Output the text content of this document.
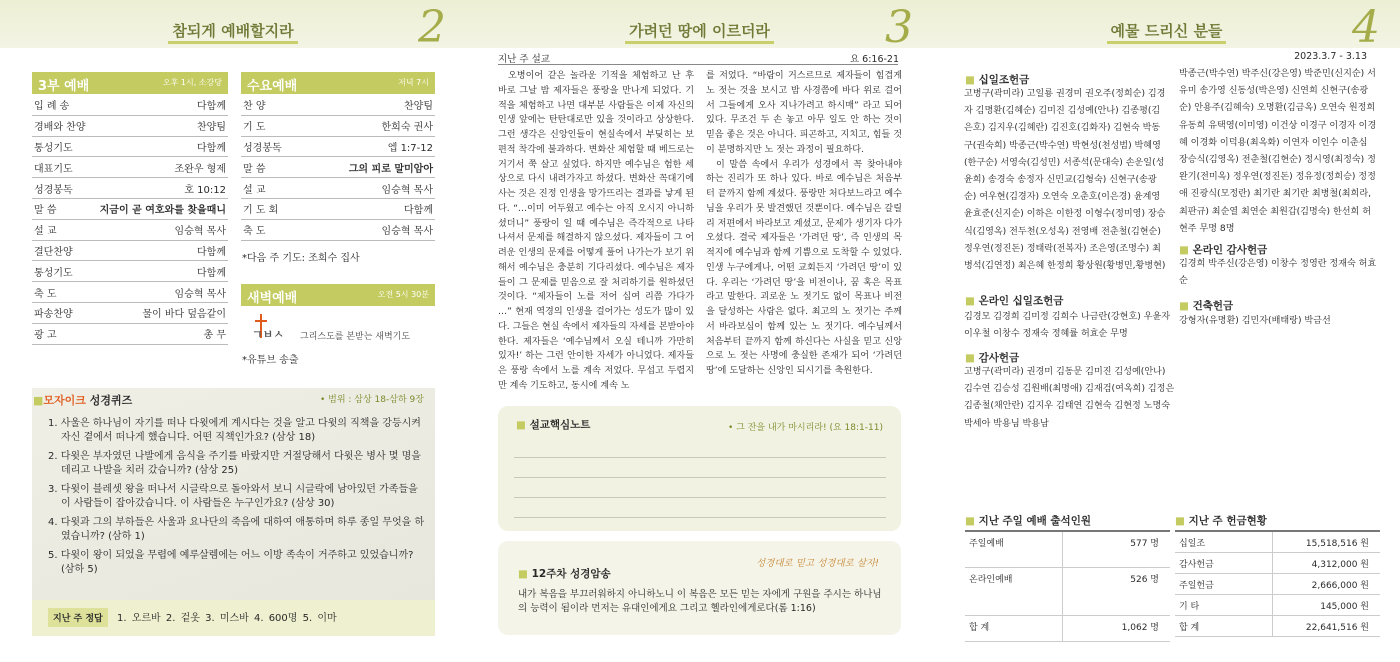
참되게 예배할지라	2
3부 예배	오후 1시, 소강당
입 례 송	다함께
경배와 찬양	찬양팀
통성기도	다함께
대표기도	조완우 형제
성경봉독	호 10:12
말 씀	지금이 곧 여호와를 찾을때니
설 교	임승혁 목사
결단찬양	다함께
통성기도	다함께
축 도	임승혁 목사
파송찬양	물이 바다 덮음같이
광 고	총 무
수요예배	저녁 7시
찬 양	찬양팀
기 도	한희숙 권사
성경봉독	엡 1:7-12
말 씀	그의 피로 말미암아
설 교	임승혁 목사
기 도 회	다함께
축 도	임승혁 목사
*다음 주 기도: 조희수 집사
새벽예배	오전 5시 30분
ㄱㅂㅅ 그리스도를 본받는 새벽기도
*유튜브 송출
■모자이크 성경퀴즈	• 범위 : 삼상 18-삼하 9장
1. 사울은 하나님이 자기를 떠나 다윗에게 계시다는 것을 알고 다윗의 직책을 강등시켜 자신 곁에서 떠나게 했습니다. 어떤 직책인가요? (삼상 18)
2. 다윗은 부자였던 나발에게 음식을 주기를 바랐지만 거절당해서 다윗은 병사 몇 명을 데리고 나발을 치러 갔습니까? (삼상 25)
3. 다윗이 블레셋 왕을 떠나서 시글락으로 돌아와서 보니 시글락에 남아있던 가족들을 이 사람들이 잡아갔습니다. 이 사람들은 누구인가요? (삼상 30)
4. 다윗과 그의 부하들은 사울과 요나단의 죽음에 대하여 애통하며 하루 종일 무엇을 하였습니까? (삼하 1)
5. 다윗이 왕이 되었을 무렵에 예루살렘에는 어느 이방 족속이 거주하고 있었습니까? (삼하 5)
지난 주 정답	1. 오르바 2. 겉옷 3. 미스바 4. 600명 5. 이마
가려던 땅에 이르더라	3
지난 주 설교	요 6:16-21
오병이어 같은 놀라운 기적을 체험하고 난 후 바로 그날 밤 제자들은 풍랑을 만나게 되었다. 기적을 체험하고 나면 대부분 사람들은 이제 자신의 인생 앞에는 탄탄대로만 있을 것이라고 상상한다. 그런 생각은 신앙인들이 현실속에서 부딪히는 보편적 착각에 불과하다. 변화산 체험할 때 베드로는 거기서 쭉 살고 싶었다. 하지만 예수님은 험한 세상으로 다시 내려가자고 하셨다. 변화산 꼭대기에 사는 것은 진정 인생을 망가뜨리는 결과를 낳게 된다. “…이미 어두웠고 예수는 아직 오시지 아니하셨더니” 풍랑이 일 때 예수님은 즉각적으로 나타나셔서 문제를 해결하지 않으셨다. 제자들이 그 어려운 인생의 문제를 어떻게 풀어 나가는가 보기 위해서 예수님은 충분히 기다리셨다. 예수님은 제자들이 그 문제를 믿음으로 잘 처리하기를 원하셨던 것이다. “제자들이 노를 저어 십여 리쯤 가다가 …” 현재 역경의 인생을 걸어가는 성도가 많이 있다. 그들은 현실 속에서 제자들의 자세를 본받아야 한다. 제자들은 ‘예수님께서 오실 테니까 가만히 있자!’ 하는 그런 안이한 자세가 아니었다. 제자들은 풍랑 속에서 노를 계속 저었다. 무섭고 두렵지만 계속 기도하고, 동시에 계속 노

를 저었다. “바람이 거스르므로 제자들이 힘겹게 노 젓는 것을 보시고 밤 사경쯤에 바다 위로 걸어서 그들에게 오사 지나가려고 하시매” 라고 되어 있다. 무조건 두 손 놓고 아무 일도 안 하는 것이 믿음 좋은 것은 아니다. 피곤하고, 지치고, 힘들 것이 분명하지만 노 젓는 과정이 필요하다.

이 말씀 속에서 우리가 성경에서 꼭 찾아내야 하는 진리가 또 하나 있다. 바로 예수님은 처음부터 끝까지 함께 계셨다. 풍랑만 처다보느라고 예수님을 우리가 못 발견했던 것뿐이다. 예수님은 갈릴리 저편에서 바라보고 계셨고, 문제가 생기자 다가오셨다. 결국 제자들은 ‘가려던 땅’, 즉 인생의 목적지에 예수님과 함께 기쁨으로 도착할 수 있었다. 인생 누구에게나, 어떤 교회든지 ‘가려던 땅’이 있다. 우리는 ‘가려던 땅’을 비전이나, 꿈 혹은 목표라고 말한다. 괴로운 노 젓기도 없이 목표나 비전을 달성하는 사람은 없다. 최고의 노 젓기는 주께서 바라보심이 함께 있는 노 젓기다. 예수님께서 처음부터 끝까지 함께 하신다는 사실을 믿고 신앙으로 노 젓는 사명에 충실한 존재가 되어 ‘가려던 땅’에 도달하는 신앙인 되시기를 축원한다.

■ 설교핵심노트	• 그 잔을 내가 마시리라! (요 18:1-11)
성경대로 믿고 성경대로 살자!
■ 12주차 성경암송
내가 복음을 부끄러워하지 아니하노니 이 복음은 모든 믿는 자에게 구원을 주시는 하나님의 능력이 됨이라 먼저는 유대인에게요 그리고 헬라인에게로다(롬 1:16)
예물 드리신 분들	4
2023.3.7 - 3.13
■ 십일조헌금
고병구(곽미라) 고일룡 권경미 권오주(정희순) 김경자 김명환(김혜순) 김미진 김성예(안나) 김종평(김은호) 김지우(김혜란) 김진호(김화자) 김현숙 박동구(권숙희) 박종근(박수연) 박현성(천성범) 박혜영(한구순) 서영숙(김성민) 서종석(문대숙) 손운일(성윤희) 송경숙 송정자 신민교(김형숙) 신현구(송광순) 여우현(김경자) 오연숙 오춘호(이은경) 윤계영 윤효준(신지순) 이하은 이한정 이형수(정미영) 장승식(김영옥) 전두천(오성옥) 전영배 전춘철(김현순) 정우연(정진돈) 정태락(전복자) 조은영(조명수) 최병석(김연정) 최은혜 한정희 황상원(황병민,황병현)
박종근(박수연) 박주신(강은영) 박준민(신지순) 서유미 송가영 신동성(박은영) 신연희 신현구(송광순) 안용주(김혜숙) 오명환(김금옥) 오연숙 원정희 유동희 유택영(이미영) 이건상 이경구 이경자 이경혜 이경화 이덕용(최옥화) 이연자 이인수 이춘심 장승식(김영옥) 전춘철(김현순) 정시영(최정숙) 정완기(전미옥) 정우연(정진돈) 정유정(정희승) 정정애 진광식(모정란) 최기란 최기란 최병철(최희라,최판규) 최순열 최연순 최원갑(김명숙) 한선희 허현주 무명 8명
■ 온라인 십일조헌금
김경모 김경희 김미정 김희수 나금란(강현호) 우윤자 이우철 이창수 정재숙 정혜률 허효순 무명
■ 감사헌금
고병구(곽미라) 권경미 김동문 김미진 김성예(안나) 김수연 김승성 김원배(최명애) 김재검(여옥희) 김정은 김종철(채안란) 김지우 김태연 김현숙 김현정 노명숙 박세아 박용님 박용남
■ 온라인 감사헌금
김경희 박주신(강은영) 이창수 정영란 정재숙 허효순
■ 건축헌금
강형자(유명환) 김민자(배태랑) 박금선
■ 지난 주일 예배 출석인원
주일예배	577 명
온라인예배	526 명
합 계	1,062 명
■ 지난 주 헌금현황
십일조	15,518,516 원
감사헌금	4,312,000 원
주일헌금	2,666,000 원
기 타	145,000 원
합 계	22,641,516 원
